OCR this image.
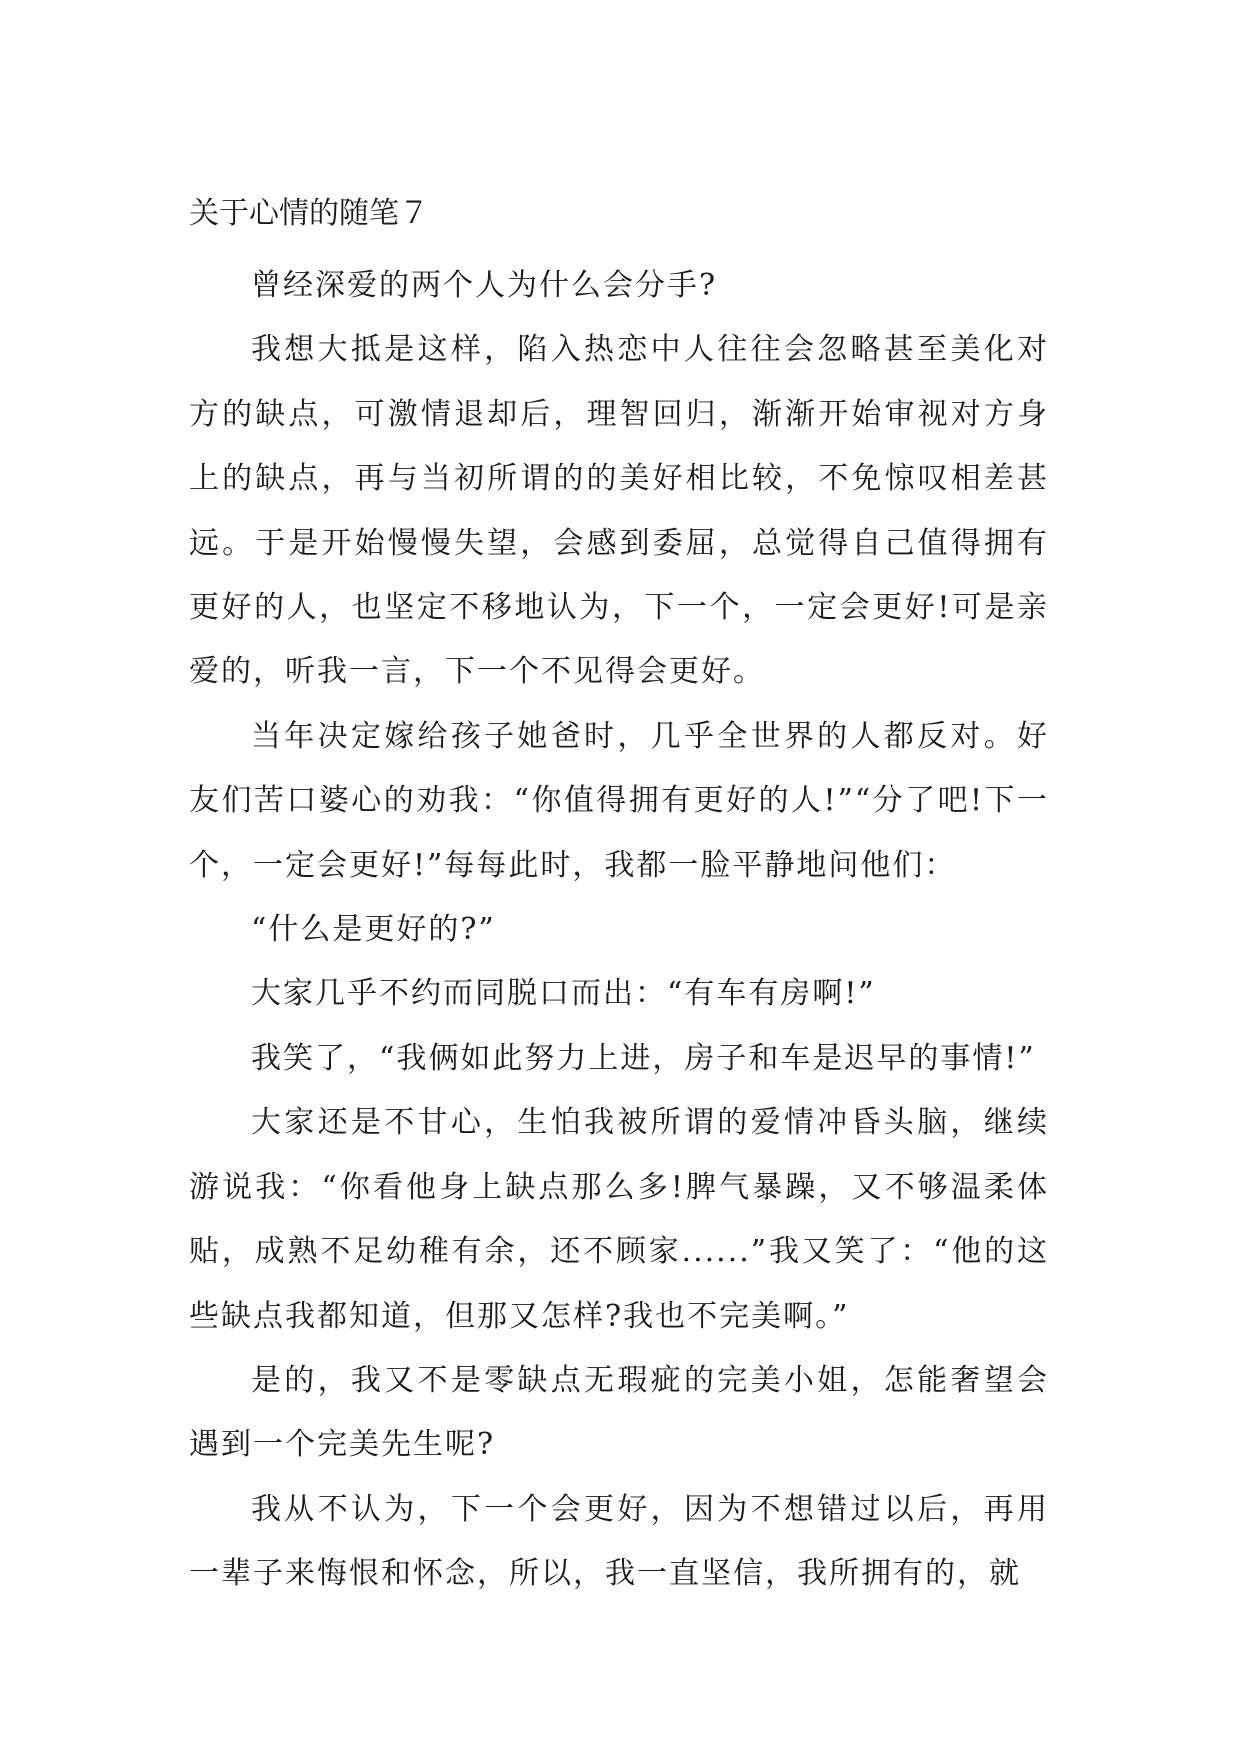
关于心情的随笔７

曾经深爱的两个人为什么会分手?

我想大抵是这样，陷入热恋中人往往会忽略甚至美化对方的缺点，可激情退却后，理智回归，渐渐开始审视对方身上的缺点，再与当初所谓的的美好相比较，不免惊叹相差甚远。于是开始慢慢失望，会感到委屈，总觉得自己值得拥有更好的人，也坚定不移地认为，下一个，一定会更好!可是亲爱的，听我一言，下一个不见得会更好。

当年决定嫁给孩子她爸时，几乎全世界的人都反对。好友们苦口婆心的劝我：“你值得拥有更好的人!”“分了吧!下一个，一定会更好!”每每此时，我都一脸平静地问他们：

“什么是更好的?”

大家几乎不约而同脱口而出：“有车有房啊!”

我笑了，“我俩如此努力上进，房子和车是迟早的事情!”

大家还是不甘心，生怕我被所谓的爱情冲昏头脑，继续游说我：“你看他身上缺点那么多!脾气暴躁，又不够温柔体贴，成熟不足幼稚有余，还不顾家......”我又笑了：“他的这些缺点我都知道，但那又怎样?我也不完美啊。”

是的，我又不是零缺点无瑕疵的完美小姐，怎能奢望会遇到一个完美先生呢?

我从不认为，下一个会更好，因为不想错过以后，再用一辈子来悔恨和怀念，所以，我一直坚信，我所拥有的，就
